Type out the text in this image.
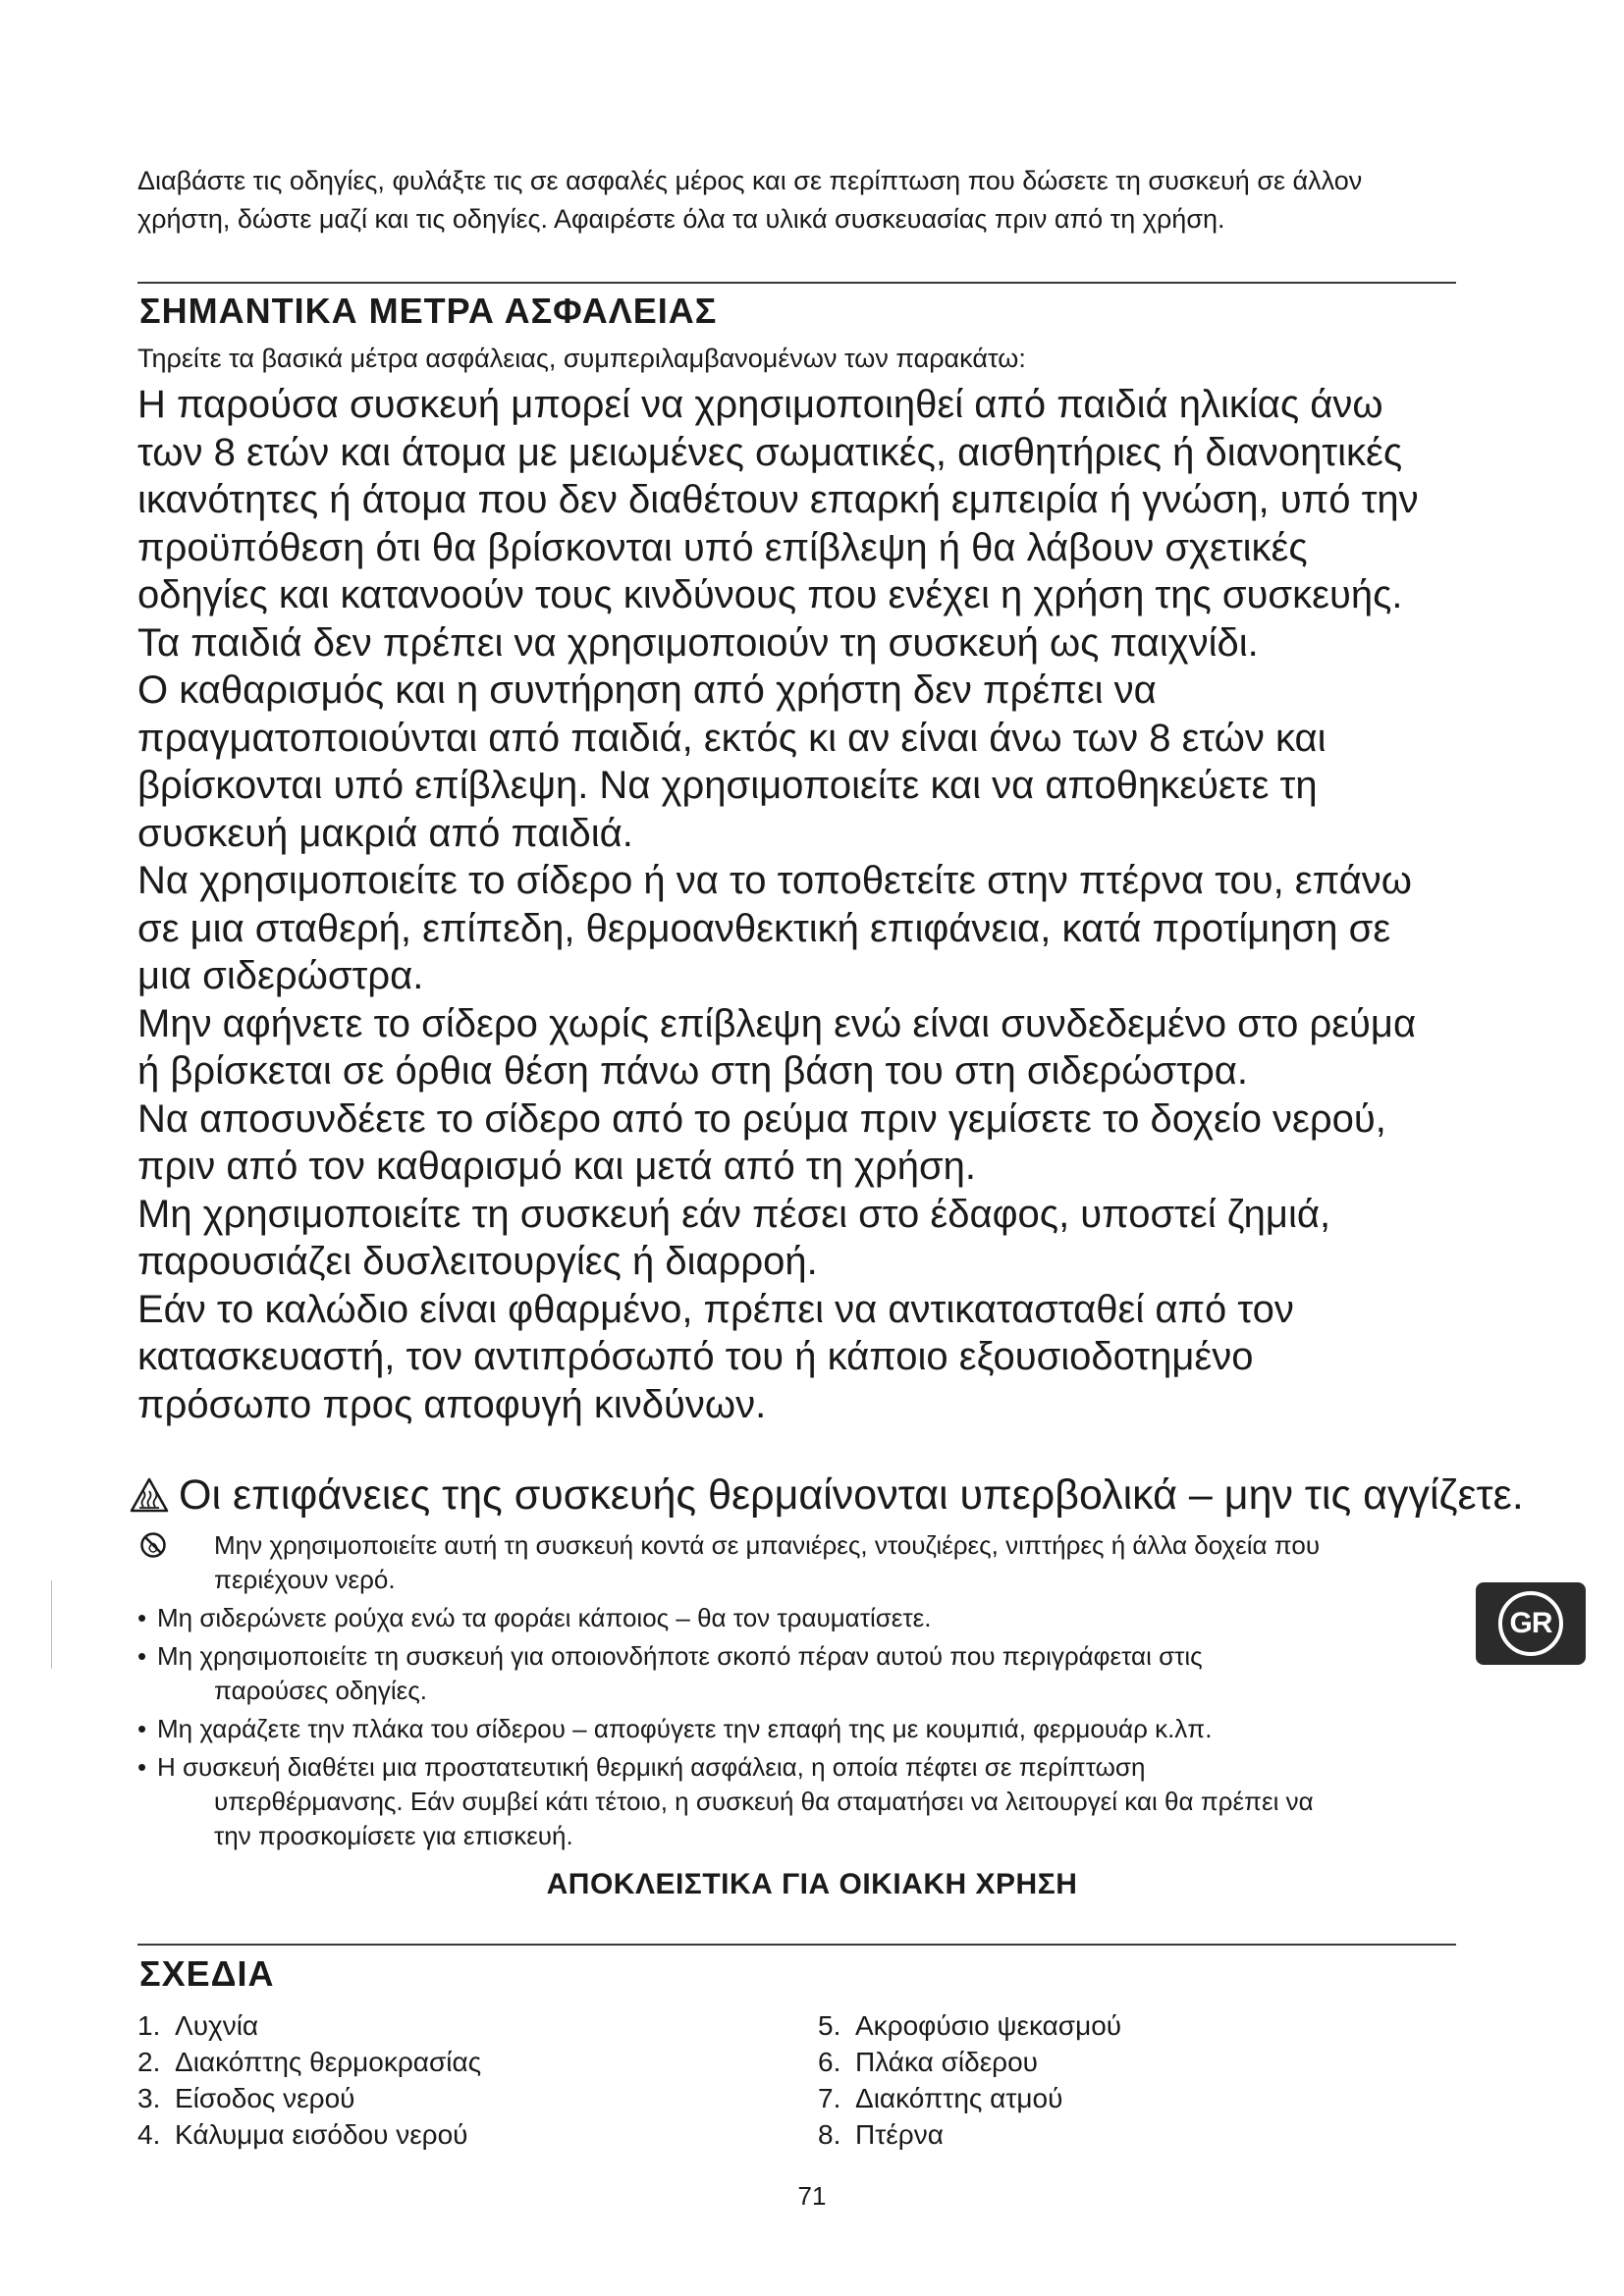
Διαβάστε τις οδηγίες, φυλάξτε τις σε ασφαλές μέρος και σε περίπτωση που δώσετε τη συσκευή σε άλλον
χρήστη, δώστε μαζί και τις οδηγίες. Αφαιρέστε όλα τα υλικά συσκευασίας πριν από τη χρήση.
ΣΗΜΑΝΤΙΚΑ ΜΕΤΡΑ ΑΣΦΑΛΕΙΑΣ
Τηρείτε τα βασικά μέτρα ασφάλειας, συμπεριλαμβανομένων των παρακάτω:

Η παρούσα συσκευή μπορεί να χρησιμοποιηθεί από παιδιά ηλικίας άνω

των 8 ετών και άτομα με μειωμένες σωματικές, αισθητήριες ή διανοητικές

ικανότητες ή άτομα που δεν διαθέτουν επαρκή εμπειρία ή γνώση, υπό την

προϋπόθεση ότι θα βρίσκονται υπό επίβλεψη ή θα λάβουν σχετικές

οδηγίες και κατανοούν τους κινδύνους που ενέχει η χρήση της συσκευής.

Τα παιδιά δεν πρέπει να χρησιμοποιούν τη συσκευή ως παιχνίδι.

Ο καθαρισμός και η συντήρηση από χρήστη δεν πρέπει να

πραγματοποιούνται από παιδιά, εκτός κι αν είναι άνω των 8 ετών και

βρίσκονται υπό επίβλεψη. Να χρησιμοποιείτε και να αποθηκεύετε τη

συσκευή μακριά από παιδιά.

Να χρησιμοποιείτε το σίδερο ή να το τοποθετείτε στην πτέρνα του, επάνω

σε μια σταθερή, επίπεδη, θερμοανθεκτική επιφάνεια, κατά προτίμηση σε

μια σιδερώστρα.

Μην αφήνετε το σίδερο χωρίς επίβλεψη ενώ είναι συνδεδεμένο στο ρεύμα

ή βρίσκεται σε όρθια θέση πάνω στη βάση του στη σιδερώστρα.

Να αποσυνδέετε το σίδερο από το ρεύμα πριν γεμίσετε το δοχείο νερού,

πριν από τον καθαρισμό και μετά από τη χρήση.

Μη χρησιμοποιείτε τη συσκευή εάν πέσει στο έδαφος, υποστεί ζημιά,

παρουσιάζει δυσλειτουργίες ή διαρροή.

Εάν το καλώδιο είναι φθαρμένο, πρέπει να αντικατασταθεί από τον

κατασκευαστή, τον αντιπρόσωπό του ή κάποιο εξουσιοδοτημένο

πρόσωπο προς αποφυγή κινδύνων.

Οι επιφάνειες της συσκευής θερμαίνονται υπερβολικά – μην τις αγγίζετε.
Μην χρησιμοποιείτε αυτή τη συσκευή κοντά σε μπανιέρες, ντουζιέρες, νιπτήρες ή άλλα δοχεία που
περιέχουν νερό.
• Μη σιδερώνετε ρούχα ενώ τα φοράει κάποιος – θα τον τραυματίσετε.
• Μη χρησιμοποιείτε τη συσκευή για οποιονδήποτε σκοπό πέραν αυτού που περιγράφεται στις
παρούσες οδηγίες.
• Μη χαράζετε την πλάκα του σίδερου – αποφύγετε την επαφή της με κουμπιά, φερμουάρ κ.λπ.
• Η συσκευή διαθέτει μια προστατευτική θερμική ασφάλεια, η οποία πέφτει σε περίπτωση
υπερθέρμανσης. Εάν συμβεί κάτι τέτοιο, η συσκευή θα σταματήσει να λειτουργεί και θα πρέπει να
την προσκομίσετε για επισκευή.
ΑΠΟΚΛΕΙΣΤΙΚΑ ΓΙΑ ΟΙΚΙΑΚΗ ΧΡΗΣΗ
ΣΧΕΔΙΑ
1. Λυχνία
2. Διακόπτης θερμοκρασίας
3. Είσοδος νερού
4. Κάλυμμα εισόδου νερού
5. Ακροφύσιο ψεκασμού
6. Πλάκα σίδερου
7. Διακόπτης ατμού
8. Πτέρνα
71
GR
